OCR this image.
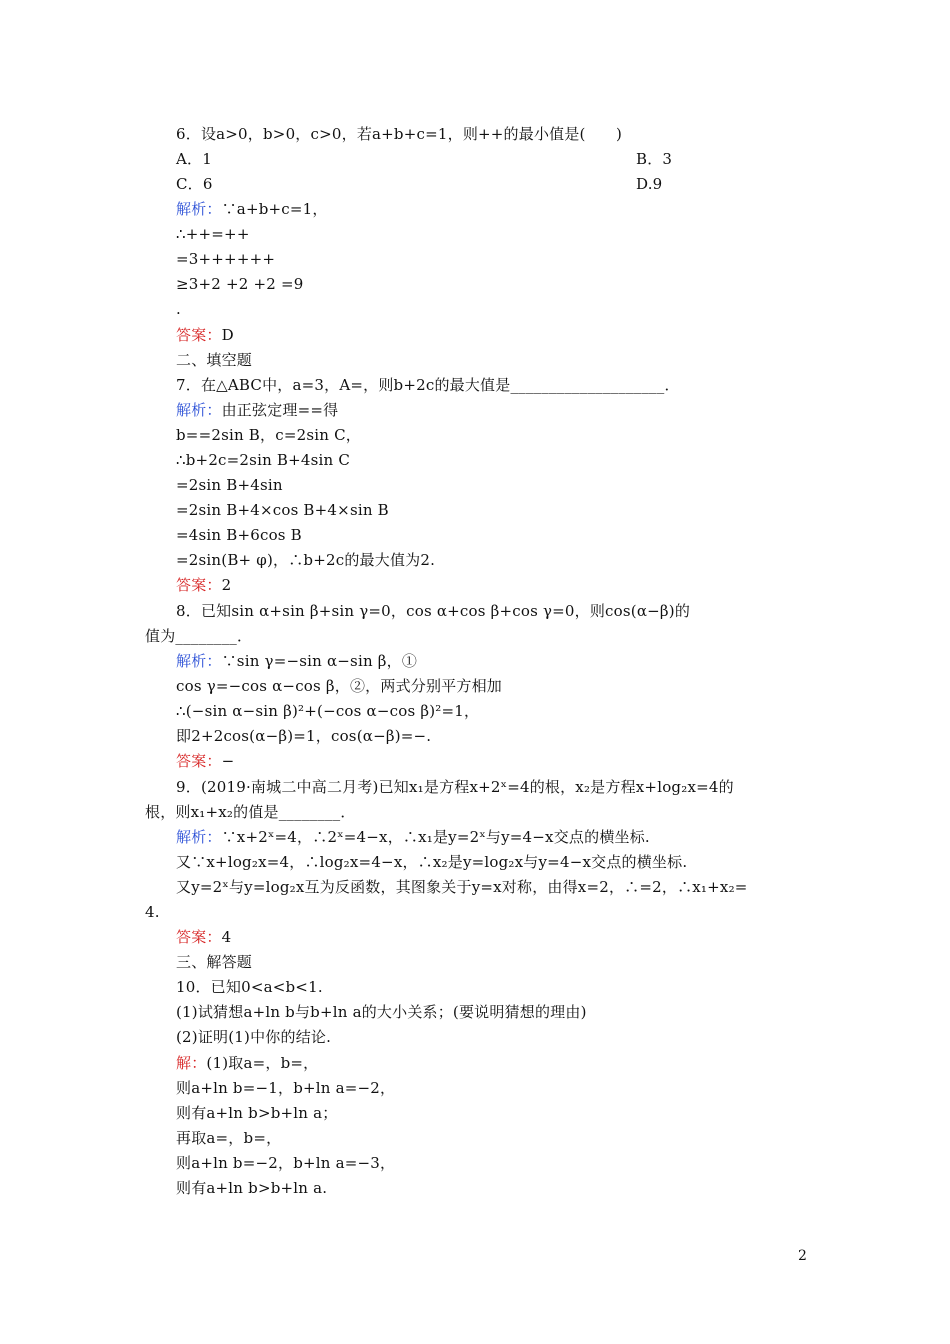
6．设a>0，b>0，c>0，若a+b+c=1，则++的最小值是(　　)
A．1	B．3
C．6	D.9
解析：∵a+b+c=1，
∴++=++
=3++++++
≥3+2 +2 +2 =9
.
答案：D
二、填空题
7．在△ABC中，a=3，A=，则b+2c的最大值是____________________．
解析：由正弦定理==得
b==2sin B，c=2sin C，
∴b+2c=2sin B+4sin C
=2sin B+4sin
=2sin B+4×cos B+4×sin B
=4sin B+6cos B
=2sin(B+ φ)，∴b+2c的最大值为2.
答案：2
8．已知sin α+sin β+sin γ=0，cos α+cos β+cos γ=0，则cos(α−β)的
值为________．
解析：∵sin γ=−sin α−sin β，①
cos γ=−cos α−cos β，②，两式分别平方相加
∴(−sin α−sin β)²+(−cos α−cos β)²=1，
即2+2cos(α−β)=1，cos(α−β)=−.
答案：−
9．(2019·南城二中高二月考)已知x₁是方程x+2ˣ=4的根，x₂是方程x+log₂x=4的
根，则x₁+x₂的值是________．
解析：∵x+2ˣ=4，∴2ˣ=4−x，∴x₁是y=2ˣ与y=4−x交点的横坐标.
又∵x+log₂x=4，∴log₂x=4−x，∴x₂是y=log₂x与y=4−x交点的横坐标.
又y=2ˣ与y=log₂x互为反函数，其图象关于y=x对称，由得x=2，∴=2，∴x₁+x₂=
4.
答案：4
三、解答题
10．已知0<a<b<1.
(1)试猜想a+ln b与b+ln a的大小关系；(要说明猜想的理由)
(2)证明(1)中你的结论.
解：(1)取a=，b=，
则a+ln b=−1，b+ln a=−2，
则有a+ln b>b+ln a；
再取a=，b=，
则a+ln b=−2，b+ln a=−3，
则有a+ln b>b+ln a.
2
